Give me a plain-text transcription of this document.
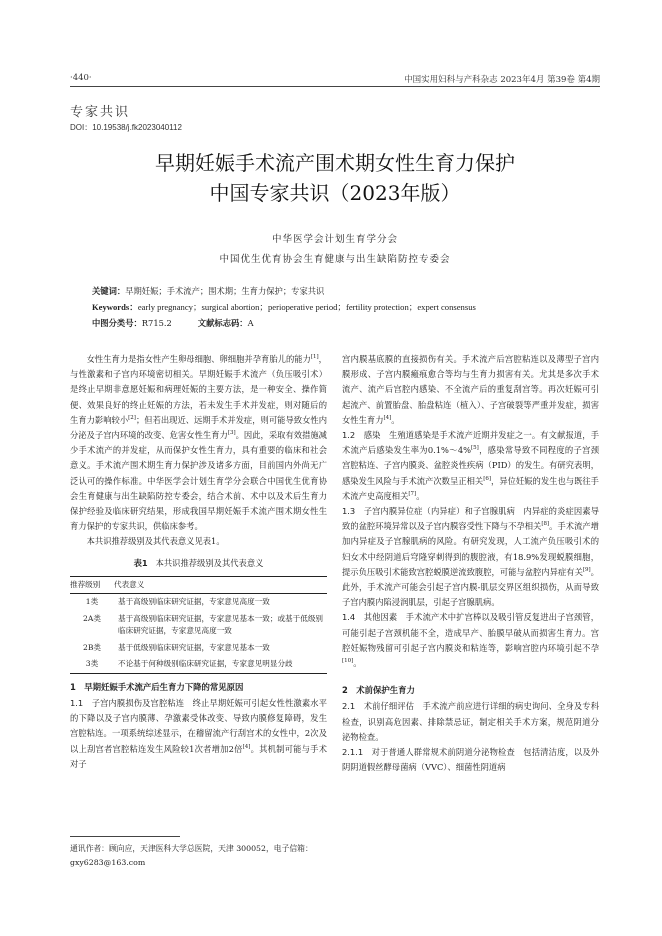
·440·	中国实用妇科与产科杂志 2023年4月 第39卷 第4期
专家共识
DOI：10.19538/j.fk2023040112
早期妊娠手术流产围术期女性生育力保护
中国专家共识（2023年版）
中华医学会计划生育学分会
中国优生优育协会生育健康与出生缺陷防控专委会
关键词：早期妊娠；手术流产；围术期；生育力保护；专家共识
Keywords：early pregnancy；surgical abortion；perioperative period；fertility protection；expert consensus
中图分类号：R715.2	文献标志码：A

女性生育力是指女性产生卵母细胞、卵细胞并孕育胎儿的能力[1]，与性激素和子宫内环境密切相关。早期妊娠手术流产（负压吸引术）是终止早期非意愿妊娠和病理妊娠的主要方法，是一种安全、操作简便、效果良好的终止妊娠的方法，若未发生手术并发症，则对随后的生育力影响较小[2]；但若出现近、远期手术并发症，则可能导致女性内分泌及子宫内环境的改变、危害女性生育力[3]。因此，采取有效措施减少手术流产的并发症，从而保护女性生育力，具有重要的临床和社会意义。手术流产围术期生育力保护涉及诸多方面，目前国内外尚无广泛认可的操作标准。中华医学会计划生育学分会联合中国优生优育协会生育健康与出生缺陷防控专委会，结合术前、术中以及术后生育力保护经验及临床研究结果，形成我国早期妊娠手术流产围术期女性生育力保护的专家共识，供临床参考。

本共识推荐级别及其代表意义见表1。

表1 本共识推荐级别及其代表意义
推荐级别	代表意义
1类	基于高级别临床研究证据，专家意见高度一致
2A类	基于高级别临床研究证据，专家意见基本一致；或基于低级别临床研究证据，专家意见高度一致
2B类	基于低级别临床研究证据，专家意见基本一致
3类	不论基于何种级别临床研究证据，专家意见明显分歧
1　早期妊娠手术流产后生育力下降的常见原因

1.1　子宫内膜损伤及宫腔粘连　终止早期妊娠可引起女性性激素水平的下降以及子宫内膜薄、孕激素受体改变、导致内膜修复障碍，发生宫腔粘连。一项系统综述显示，在稽留流产行刮宫术的女性中，2次及以上刮宫者宫腔粘连发生风险较1次者增加2倍[4]。其机制可能与手术对子

通讯作者：顾向应，天津医科大学总医院，天津 300052，电子信箱：gxy6283@163.com

宫内膜基底膜的直接损伤有关。手术流产后宫腔粘连以及薄型子宫内膜形成、子宫内膜瘢痕愈合等均与生育力损害有关。尤其是多次手术流产、流产后宫腔内感染、不全流产后的重复刮宫等。再次妊娠可引起流产、前置胎盘、胎盘粘连（植入）、子宫破裂等严重并发症，损害女性生育力[4]。

1.2　感染　生殖道感染是手术流产近期并发症之一。有文献报道，手术流产后感染发生率为0.1%～4%[5]，感染常导致不同程度的子宫颈宫腔粘连、子宫内膜炎、盆腔炎性疾病（PID）的发生。有研究表明，感染发生风险与手术流产次数呈正相关[6]，异位妊娠的发生也与既往手术流产史高度相关[7]。

1.3　子宫内膜异位症（内异症）和子宫腺肌病　内异症的炎症因素导致的盆腔环境异常以及子宫内膜容受性下降与不孕相关[8]。手术流产增加内异症及子宫腺肌病的风险。有研究发现，人工流产负压吸引术的妇女术中经阴道后穹隆穿刺得到的腹腔液，有18.9%发现蜕膜细胞，提示负压吸引术能致宫腔蜕膜逆流致腹腔，可能与盆腔内异症有关[9]。此外，手术流产可能会引起子宫内膜-肌层交界区组织损伤，从而导致子宫内膜内陷浸润肌层，引起子宫腺肌病。

1.4　其他因素　手术流产术中扩宫棒以及吸引管反复进出子宫颈管，可能引起子宫颈机能不全，造成早产、胎膜早破从而损害生育力。宫腔妊娠物残留可引起子宫内膜炎和粘连等，影响宫腔内环境引起不孕[10]。

2　术前保护生育力

2.1　术前仔细评估　手术流产前应进行详细的病史询问、全身及专科检查，识别高危因素、排除禁忌证，制定相关手术方案，规范阴道分泌物检查。

2.1.1　对于普通人群常规术前阴道分泌物检查　包括清洁度，以及外阴阴道假丝酵母菌病（VVC）、细菌性阴道病
